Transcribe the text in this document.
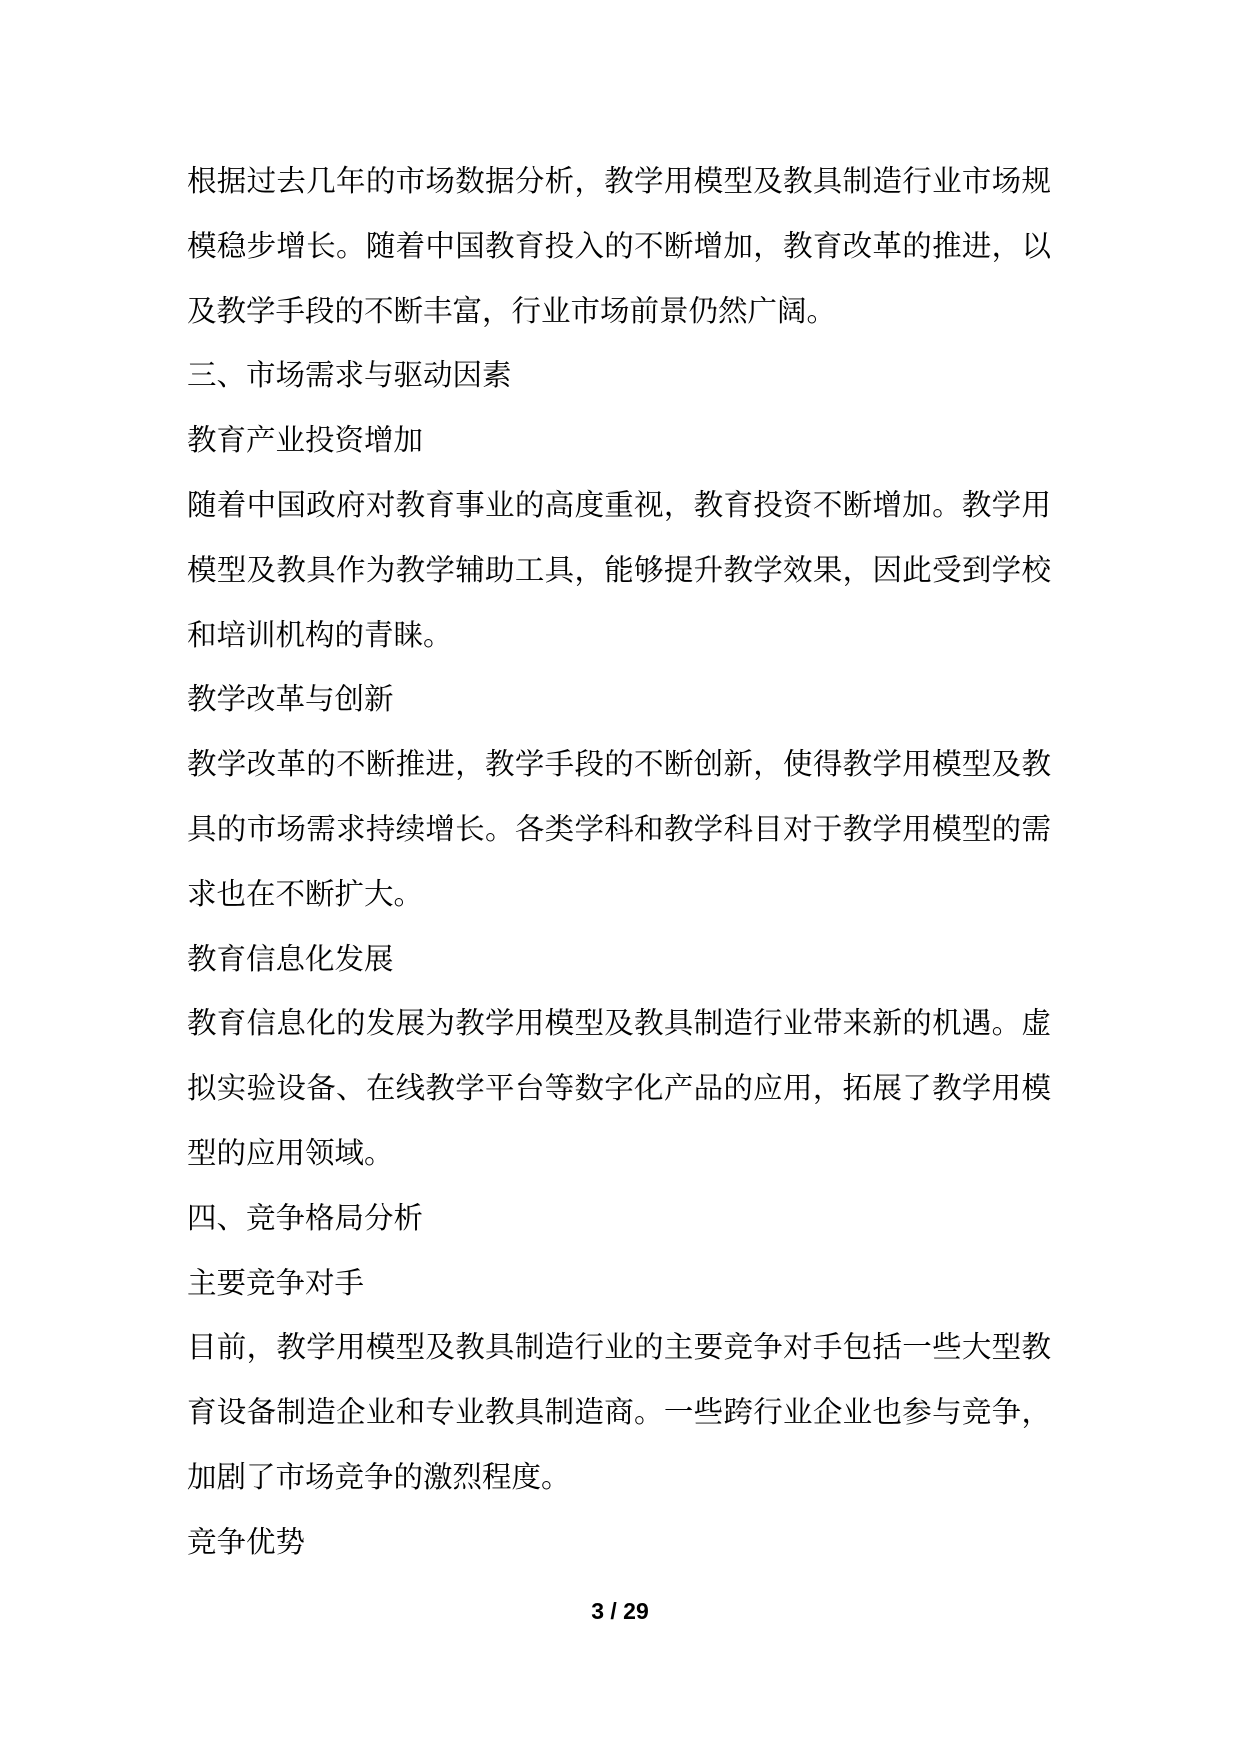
根据过去几年的市场数据分析，教学用模型及教具制造行业市场规模稳步增长。随着中国教育投入的不断增加，教育改革的推进，以及教学手段的不断丰富，行业市场前景仍然广阔。

三、市场需求与驱动因素

教育产业投资增加

随着中国政府对教育事业的高度重视，教育投资不断增加。教学用模型及教具作为教学辅助工具，能够提升教学效果，因此受到学校和培训机构的青睐。

教学改革与创新

教学改革的不断推进，教学手段的不断创新，使得教学用模型及教具的市场需求持续增长。各类学科和教学科目对于教学用模型的需求也在不断扩大。

教育信息化发展

教育信息化的发展为教学用模型及教具制造行业带来新的机遇。虚拟实验设备、在线教学平台等数字化产品的应用，拓展了教学用模型的应用领域。

四、竞争格局分析

主要竞争对手

目前，教学用模型及教具制造行业的主要竞争对手包括一些大型教育设备制造企业和专业教具制造商。一些跨行业企业也参与竞争，加剧了市场竞争的激烈程度。

竞争优势

3 / 29
